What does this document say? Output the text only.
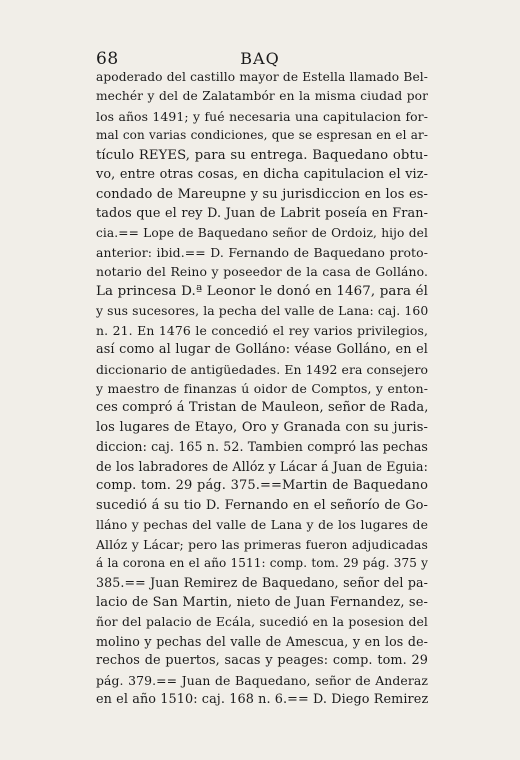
68	BAQ
apoderado del castillo mayor de Estella llamado Bel-
mechér y del de Zalatambór en la misma ciudad por
los años 1491; y fué necesaria una capitulacion for-
mal con varias condiciones, que se espresan en el ar-
tículo REYES, para su entrega. Baquedano obtu-
vo, entre otras cosas, en dicha capitulacion el viz-
condado de Mareupne y su jurisdiccion en los es-
tados que el rey D. Juan de Labrit poseía en Fran-
cia.== Lope de Baquedano señor de Ordoiz, hijo del
anterior: ibid.== D. Fernando de Baquedano proto-
notario del Reino y poseedor de la casa de Golláno.
La princesa D.ª Leonor le donó en 1467, para él
y sus sucesores, la pecha del valle de Lana: caj. 160
n. 21. En 1476 le concedió el rey varios privilegios,
así como al lugar de Golláno: véase Golláno, en el
diccionario de antigüedades. En 1492 era consejero
y maestro de finanzas ú oidor de Comptos, y enton-
ces compró á Tristan de Mauleon, señor de Rada,
los lugares de Etayo, Oro y Granada con su juris-
diccion: caj. 165 n. 52. Tambien compró las pechas
de los labradores de Allóz y Lácar á Juan de Eguia:
comp. tom. 29 pág. 375.==Martin de Baquedano
sucedió á su tio D. Fernando en el señorío de Go-
lláno y pechas del valle de Lana y de los lugares de
Allóz y Lácar; pero las primeras fueron adjudicadas
á la corona en el año 1511: comp. tom. 29 pág. 375 y
385.== Juan Remirez de Baquedano, señor del pa-
lacio de San Martin, nieto de Juan Fernandez, se-
ñor del palacio de Ecála, sucedió en la posesion del
molino y pechas del valle de Amescua, y en los de-
rechos de puertos, sacas y peages: comp. tom. 29
pág. 379.== Juan de Baquedano, señor de Anderaz
en el año 1510: caj. 168 n. 6.== D. Diego Remirez
